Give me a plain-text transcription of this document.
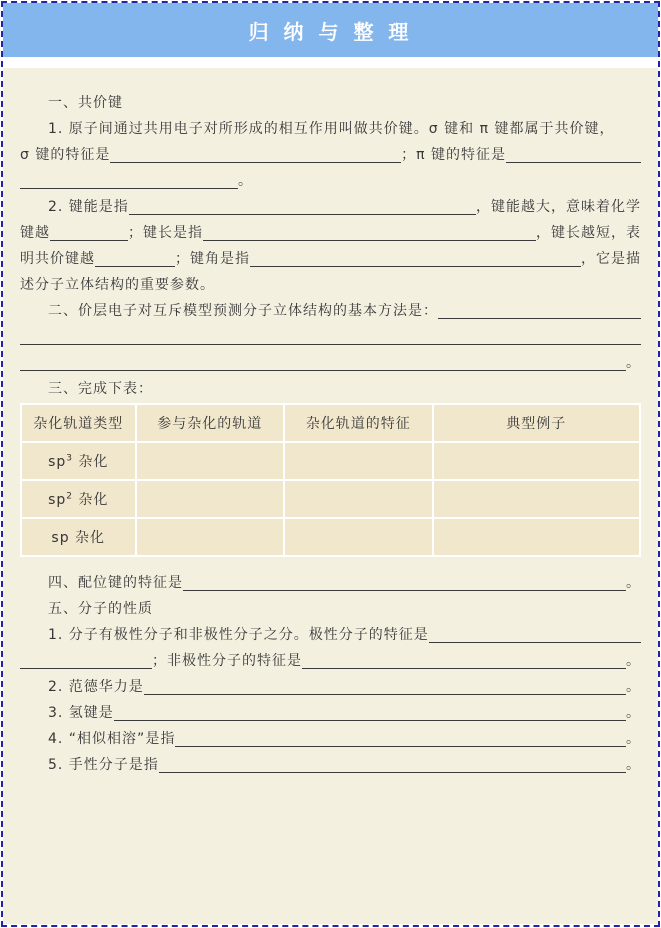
归 纳 与 整 理
一、共价键
1. 原子间通过共用电子对所形成的相互作用叫做共价键。σ 键和 π 键都属于共价键，
σ 键的特征是	；π 键的特征是
。
2. 键能是指	，键能越大，意味着化学
键越	；键长是指	，键长越短，表
明共价键越	；键角是指	，它是描
述分子立体结构的重要参数。
二、价层电子对互斥模型预测分子立体结构的基本方法是：
。
三、完成下表：
杂化轨道类型	参与杂化的轨道	杂化轨道的特征	典型例子
$sp^3$ 杂化			
$sp^2$ 杂化			
sp 杂化			
四、配位键的特征是	。
五、分子的性质
1. 分子有极性分子和非极性分子之分。极性分子的特征是
；非极性分子的特征是	。
2. 范德华力是	。
3. 氢键是	。
4. “相似相溶”是指	。
5. 手性分子是指	。
